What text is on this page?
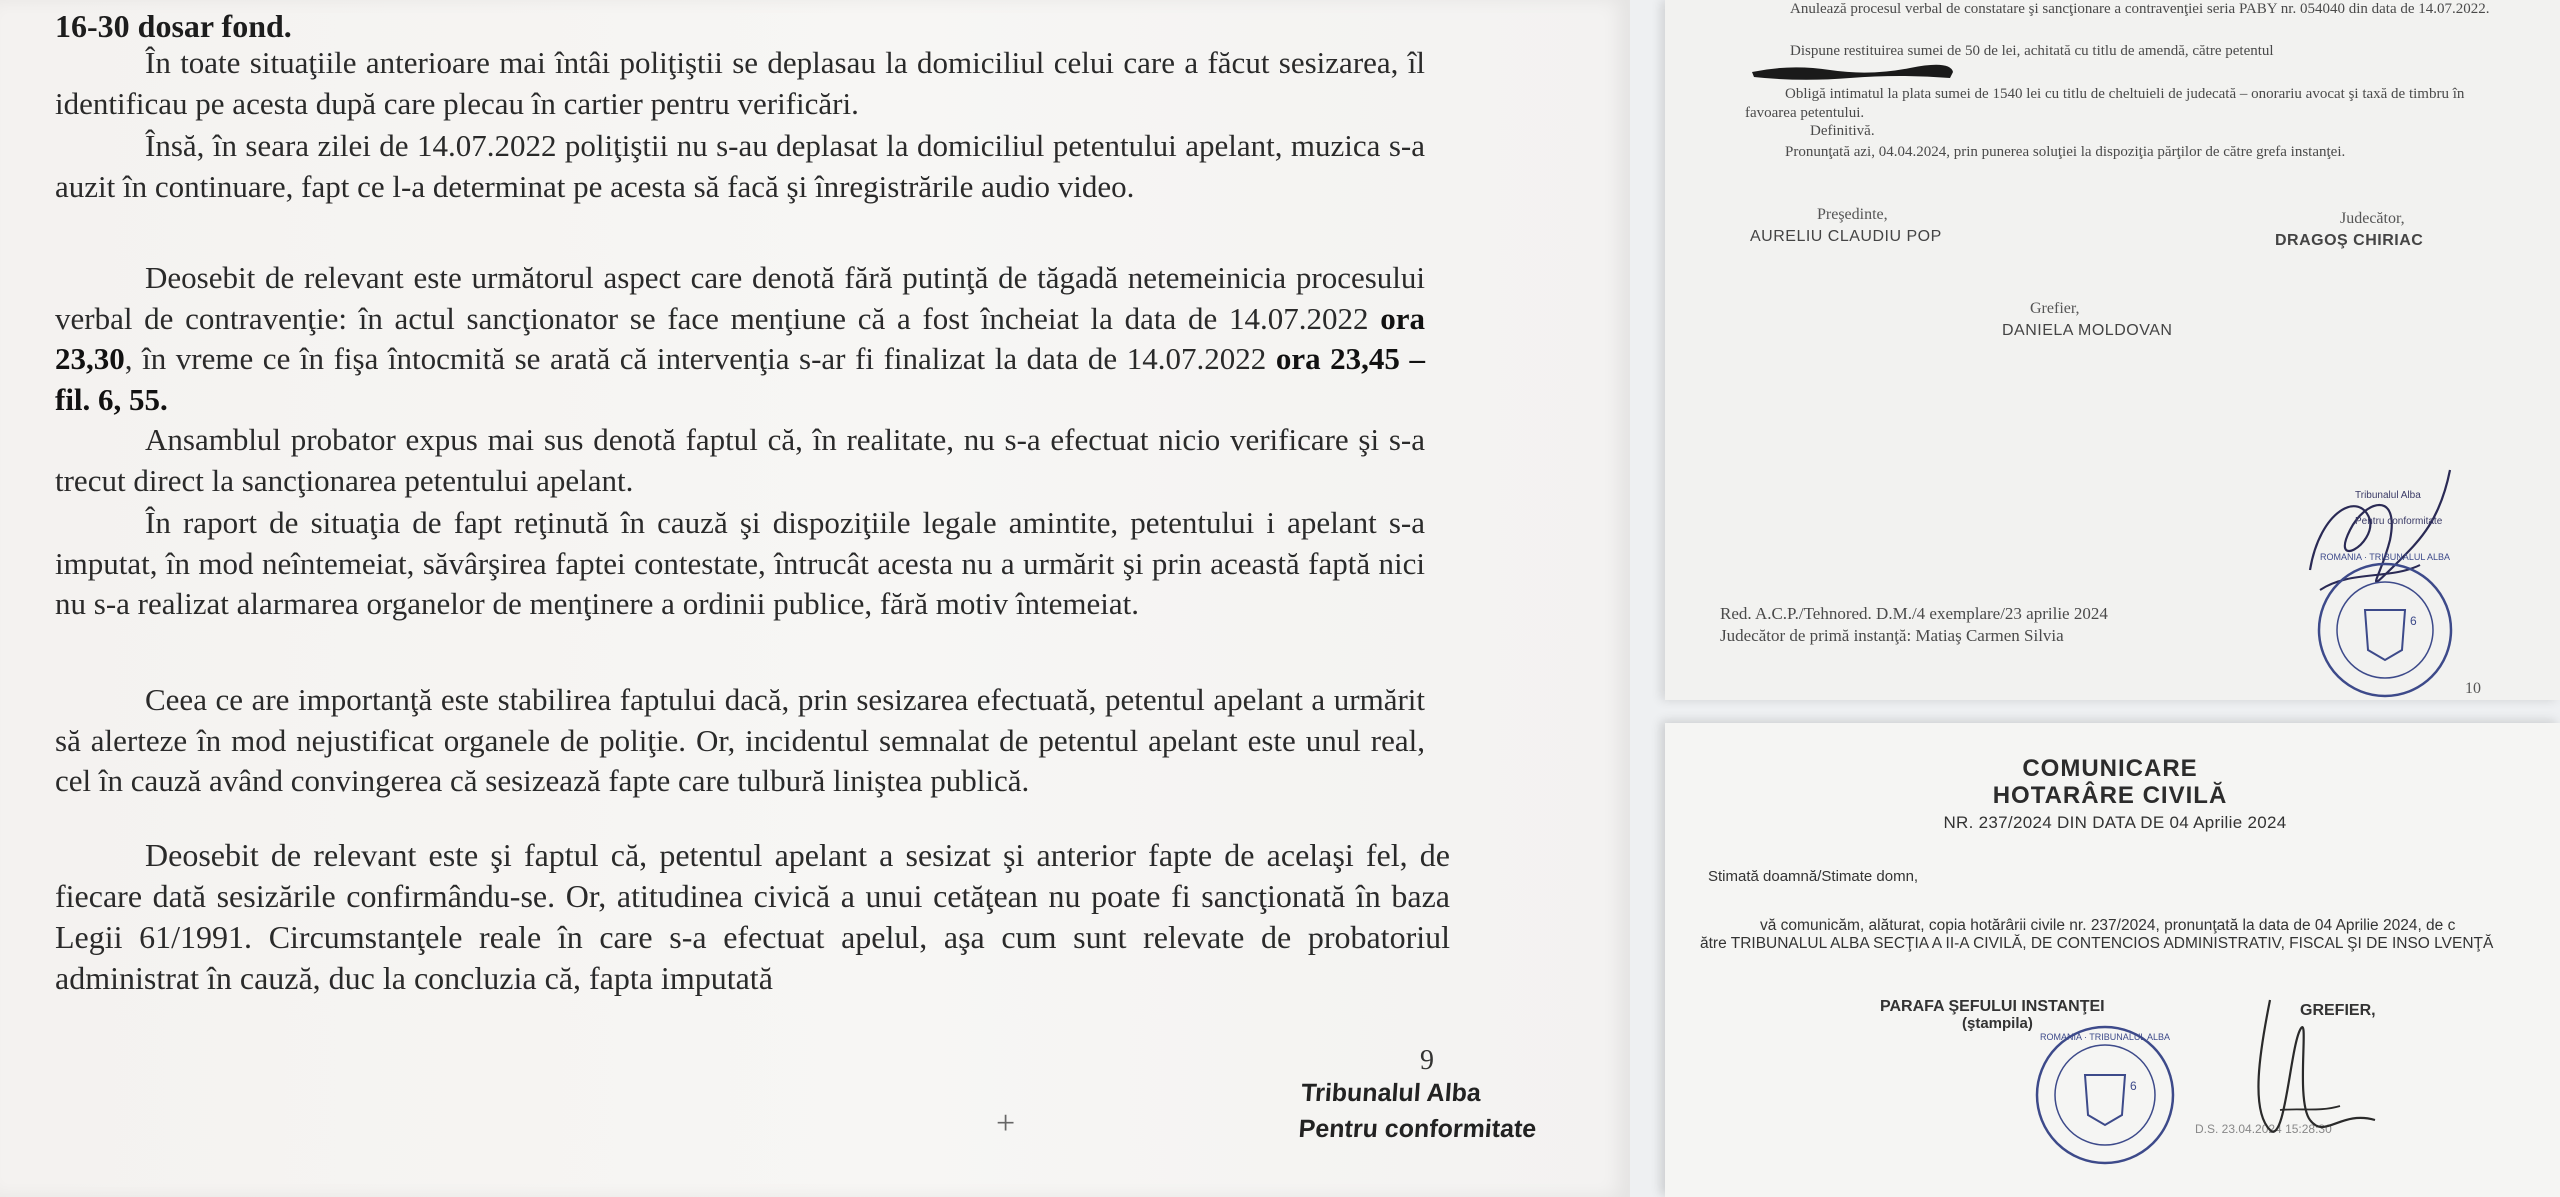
16-30 dosar fond.

În toate situaţiile anterioare mai întâi poliţiştii se deplasau la domiciliul celui care a făcut sesizarea, îl identificau pe acesta după care plecau în cartier pentru verificări.

Însă, în seara zilei de 14.07.2022 poliţiştii nu s-au deplasat la domiciliul petentului apelant, muzica s-a auzit în continuare, fapt ce l-a determinat pe acesta să facă şi înregistrările audio video.

Deosebit de relevant este următorul aspect care denotă fără putinţă de tăgadă netemeinicia procesului verbal de contravenţie: în actul sancţionator se face menţiune că a fost încheiat la data de 14.07.2022 ora 23,30, în vreme ce în fişa întocmită se arată că intervenţia s-ar fi finalizat la data de 14.07.2022 ora 23,45 – fil. 6, 55.

Ansamblul probator expus mai sus denotă faptul că, în realitate, nu s-a efectuat nicio verificare şi s-a trecut direct la sancţionarea petentului apelant.

În raport de situaţia de fapt reţinută în cauză şi dispoziţiile legale amintite, petentului i apelant s-a imputat, în mod neîntemeiat, săvârşirea faptei contestate, întrucât acesta nu a urmărit şi prin această faptă nici nu s-a realizat alarmarea organelor de menţinere a ordinii publice, fără motiv întemeiat.

Ceea ce are importanţă este stabilirea faptului dacă, prin sesizarea efectuată, petentul apelant a urmărit să alerteze în mod nejustificat organele de poliţie. Or, incidentul semnalat de petentul apelant este unul real, cel în cauză având convingerea că sesizează fapte care tulbură liniştea publică.

Deosebit de relevant este şi faptul că, petentul apelant a sesizat şi anterior fapte de acelaşi fel, de fiecare dată sesizările confirmându-se. Or, atitudinea civică a unui cetăţean nu poate fi sancţionată în baza Legii 61/1991. Circumstanţele reale în care s-a efectuat apelul, aşa cum sunt relevate de probatoriul administrat în cauză, duc la concluzia că, fapta imputată

9
Tribunalul Alba
Pentru conformitate
+

Anulează procesul verbal de constatare şi sancţionare a contravenţiei seria PABY nr. 054040 din data de 14.07.2022.

Dispune restituirea sumei de 50 de lei, achitată cu titlu de amendă, către petentul

Obligă intimatul la plata sumei de 1540 lei cu titlu de cheltuieli de judecată – onorariu avocat şi taxă de timbru în favoarea petentului.

Definitivă.

Pronunţată azi, 04.04.2024, prin punerea soluţiei la dispoziţia părţilor de către grefa instanţei.

Preşedinte,
AURELIU CLAUDIU POP
Judecător,
DRAGOŞ CHIRIAC
Grefier,
DANIELA MOLDOVAN
Red. A.C.P./Tehnored. D.M./4 exemplare/23 aprilie 2024
Judecător de primă instanţă: Matiaş Carmen Silvia
10
Tribunalul Alba
Pentru conformitate
ROMANIA · TRIBUNALUL ALBA
6
COMUNICARE
HOTARÂRE CIVILĂ
NR. 237/2024 DIN DATA DE 04 Aprilie 2024
Stimată doamnă/Stimate domn,

vă comunicăm, alăturat, copia hotărârii civile nr. 237/2024, pronunţată la data de 04 Aprilie 2024, de c

ătre TRIBUNALUL ALBA SECŢIA A II-A CIVILĂ, DE CONTENCIOS ADMINISTRATIV, FISCAL ŞI DE INSO LVENŢĂ

PARAFA ŞEFULUI INSTANŢEI
(ştampila)
GREFIER,
D.S. 23.04.2024 15:28:30
ROMANIA · TRIBUNALUL ALBA
6
